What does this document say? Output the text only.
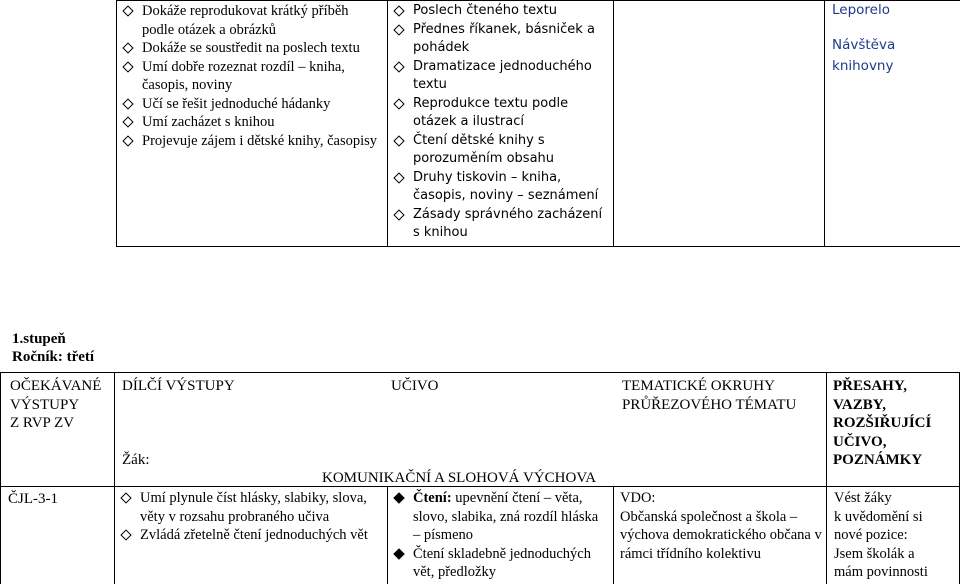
Dokáže reprodukovat krátký příběh podle otázek a obrázků
Dokáže se soustředit na poslech textu
Umí dobře rozeznat rozdíl – kniha, časopis, noviny
Učí se řešit jednoduché hádanky
Umí zacházet s knihou
Projevuje zájem i dětské knihy, časopisy
Poslech čteného textu
Přednes říkanek, básniček a pohádek
Dramatizace jednoduchého textu
Reprodukce textu podle otázek a ilustrací
Čtení dětské knihy s porozuměním obsahu
Druhy tiskovin – kniha, časopis, noviny – seznámení
Zásady správného zacházení s knihou
Leporelo
Návštěva
knihovny
1.stupeň
Ročník: třetí
OČEKÁVANÉ
VÝSTUPY
Z RVP ZV
DÍLČÍ VÝSTUPY
Žák:
UČIVO	TEMATICKÉ OKRUHY
PRŮŘEZOVÉHO TÉMATU
PŘESAHY,
VAZBY,
ROZŠIŘUJÍCÍ
UČIVO,
POZNÁMKY
KOMUNIKAČNÍ A SLOHOVÁ VÝCHOVA
ČJL-3-1	Umí plynule číst hlásky, slabiky, slova, věty v rozsahu probraného učiva
Zvládá zřetelně čtení jednoduchých vět
Čtení: upevnění čtení – věta, slovo, slabika, zná rozdíl hláska – písmeno
Čtení skladebně jednoduchých vět, předložky
VDO:
Občanská společnost a škola – výchova demokratického občana v rámci třídního kolektivu
Vést žáky
k uvědomění si
nové pozice:
Jsem školák a
mám povinnosti
